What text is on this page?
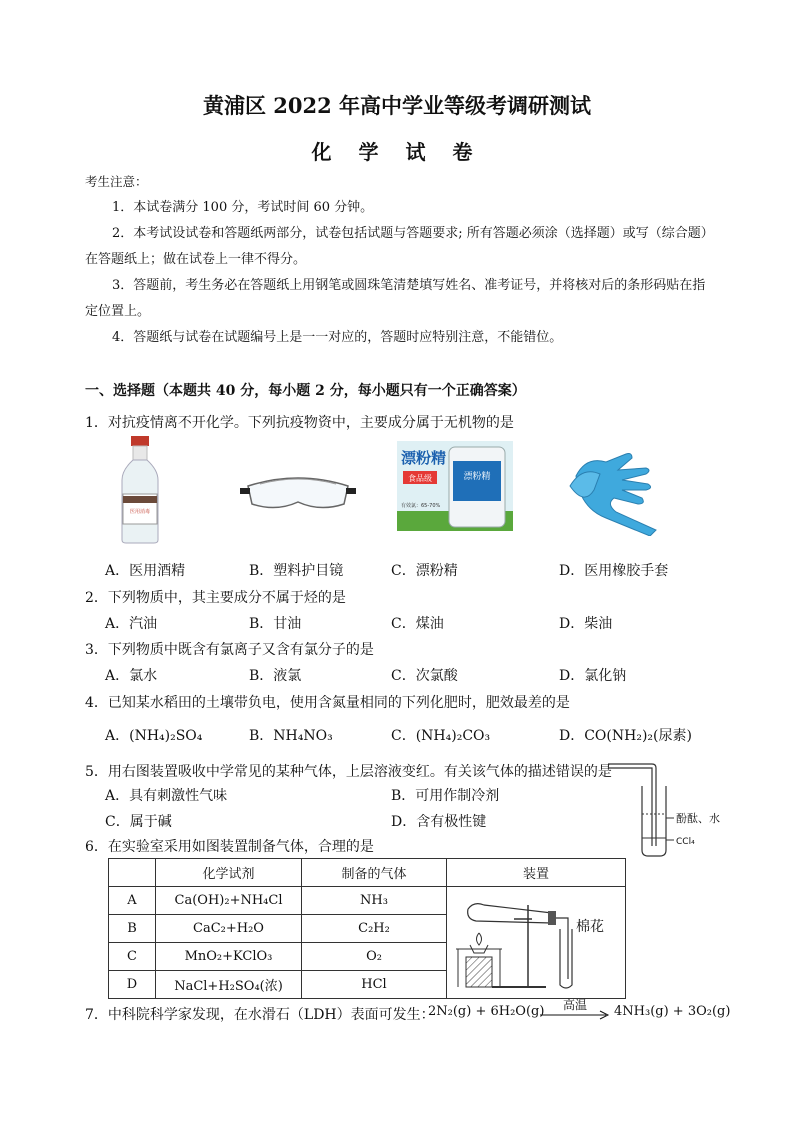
黄浦区 2022 年高中学业等级考调研测试
化 学 试 卷
考生注意：
1．本试卷满分 100 分，考试时间 60 分钟。
2．本考试设试卷和答题纸两部分，试卷包括试题与答题要求; 所有答题必须涂（选择题）或写（综合题）在答题纸上；做在试卷上一律不得分。
3．答题前，考生务必在答题纸上用钢笔或圆珠笔清楚填写姓名、准考证号，并将核对后的条形码贴在指定位置上。
4．答题纸与试卷在试题编号上是一一对应的，答题时应特别注意，不能错位。
一、选择题（本题共 40 分，每小题 2 分，每小题只有一个正确答案）
1．对抗疫情离不开化学。下列抗疫物资中，主要成分属于无机物的是
医用消毒
漂粉精
漂粉精
食品级
有效氯：65-70%
A．医用酒精	B．塑料护目镜	C．漂粉精	D．医用橡胶手套
2．下列物质中，其主要成分不属于烃的是
A．汽油	B．甘油	C．煤油	D．柴油
3．下列物质中既含有氯离子又含有氯分子的是
A．氯水	B．液氯	C．次氯酸	D．氯化钠
4．已知某水稻田的土壤带负电，使用含氮量相同的下列化肥时，肥效最差的是
A．(NH₄)₂SO₄	B．NH₄NO₃	C．(NH₄)₂CO₃	D．CO(NH₂)₂(尿素)
5．用右图装置吸收中学常见的某种气体，上层溶液变红。有关该气体的描述错误的是
A．具有刺激性气味	B．可用作制冷剂
C．属于碱	D．含有极性键	酚酞、水
CCl₄
6．在实验室采用如图装置制备气体，合理的是
	化学试剂	制备的气体	装置
A	Ca(OH)₂+NH₄Cl	NH₃	棉花

B	CaC₂+H₂O	C₂H₂	
C	MnO₂+KClO₃	O₂	
D	NaCl+H₂SO₄(浓)	HCl	
7．中科院科学家发现，在水滑石（LDH）表面可发生：
2N₂(g) + 6H₂O(g)	高温	4NH₃(g) + 3O₂(g)
